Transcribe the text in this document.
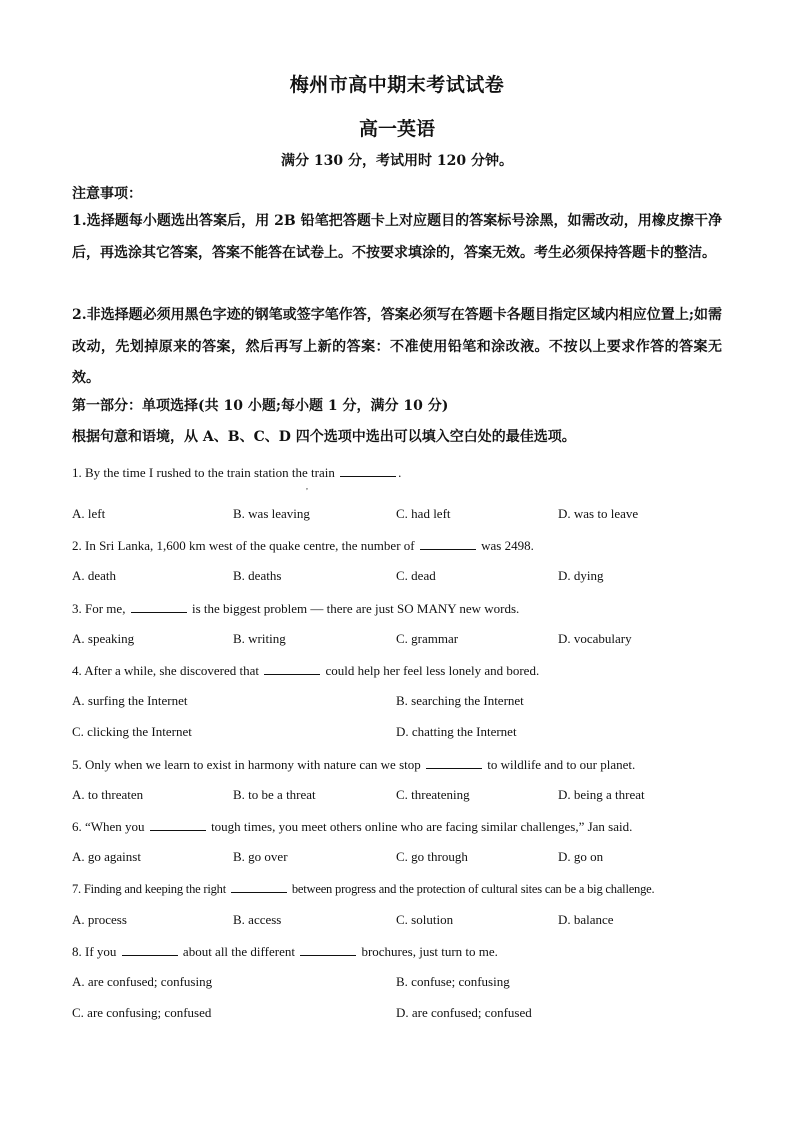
梅州市高中期末考试试卷
高一英语
满分 130 分，考试用时 120 分钟。
注意事项：
1.选择题每小题选出答案后，用 2B 铅笔把答题卡上对应题目的答案标号涂黑，如需改动，用橡皮擦干净后，再选涂其它答案，答案不能答在试卷上。不按要求填涂的，答案无效。考生必须保持答题卡的整洁。
2.非选择题必须用黑色字迹的钢笔或签字笔作答，答案必须写在答题卡各题目指定区域内相应位置上;如需改动，先划掉原来的答案，然后再写上新的答案：不准使用铅笔和涂改液。不按以上要求作答的答案无效。
第一部分：单项选择(共 10 小题;每小题 1 分，满分 10 分)
根据句意和语境，从 A、B、C、D 四个选项中选出可以填入空白处的最佳选项。
1. By the time I rushed to the train station the train	.
,
A. left	B. was leaving	C. had left	D. was to leave
2. In Sri Lanka, 1,600 km west of the quake centre, the number of	was 2498.
A. death	B. deaths	C. dead	D. dying
3. For me,	is the biggest problem — there are just SO MANY new words.
A. speaking	B. writing	C. grammar	D. vocabulary
4. After a while, she discovered that	could help her feel less lonely and bored.
A. surfing the Internet	B. searching the Internet
C. clicking the Internet	D. chatting the Internet
5. Only when we learn to exist in harmony with nature can we stop	to wildlife and to our planet.
A. to threaten	B. to be a threat	C. threatening	D. being a threat
6. “When you	tough times, you meet others online who are facing similar challenges,” Jan said.
A. go against	B. go over	C. go through	D. go on
7. Finding and keeping the right	between progress and the protection of cultural sites can be a big challenge.
A. process	B. access	C. solution	D. balance
8. If you	about all the different	brochures, just turn to me.
A. are confused; confusing	B. confuse; confusing
C. are confusing; confused	D. are confused; confused
